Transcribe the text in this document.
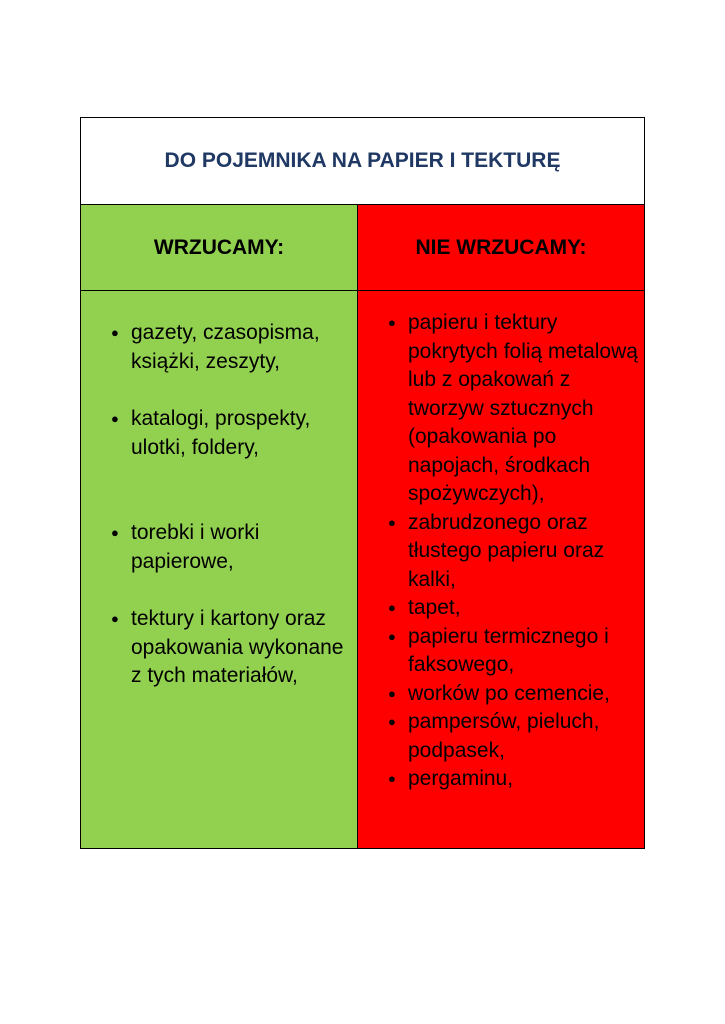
DO POJEMNIKA NA PAPIER I TEKTURĘ
WRZUCAMY:
● gazety, czasopisma, książki, zeszyty,
● katalogi, prospekty, ulotki, foldery,
● torebki i worki papierowe,
● tektury i kartony oraz opakowania wykonane z tych materiałów,
NIE WRZUCAMY:
● papieru i tektury pokrytych folią metalową lub z opakowań z tworzyw sztucznych (opakowania po napojach, środkach spożywczych),
● zabrudzonego oraz tłustego papieru oraz kalki,
● tapet,
● papieru termicznego i faksowego,
● worków po cemencie,
● pampersów, pieluch, podpasek,
● pergaminu,
